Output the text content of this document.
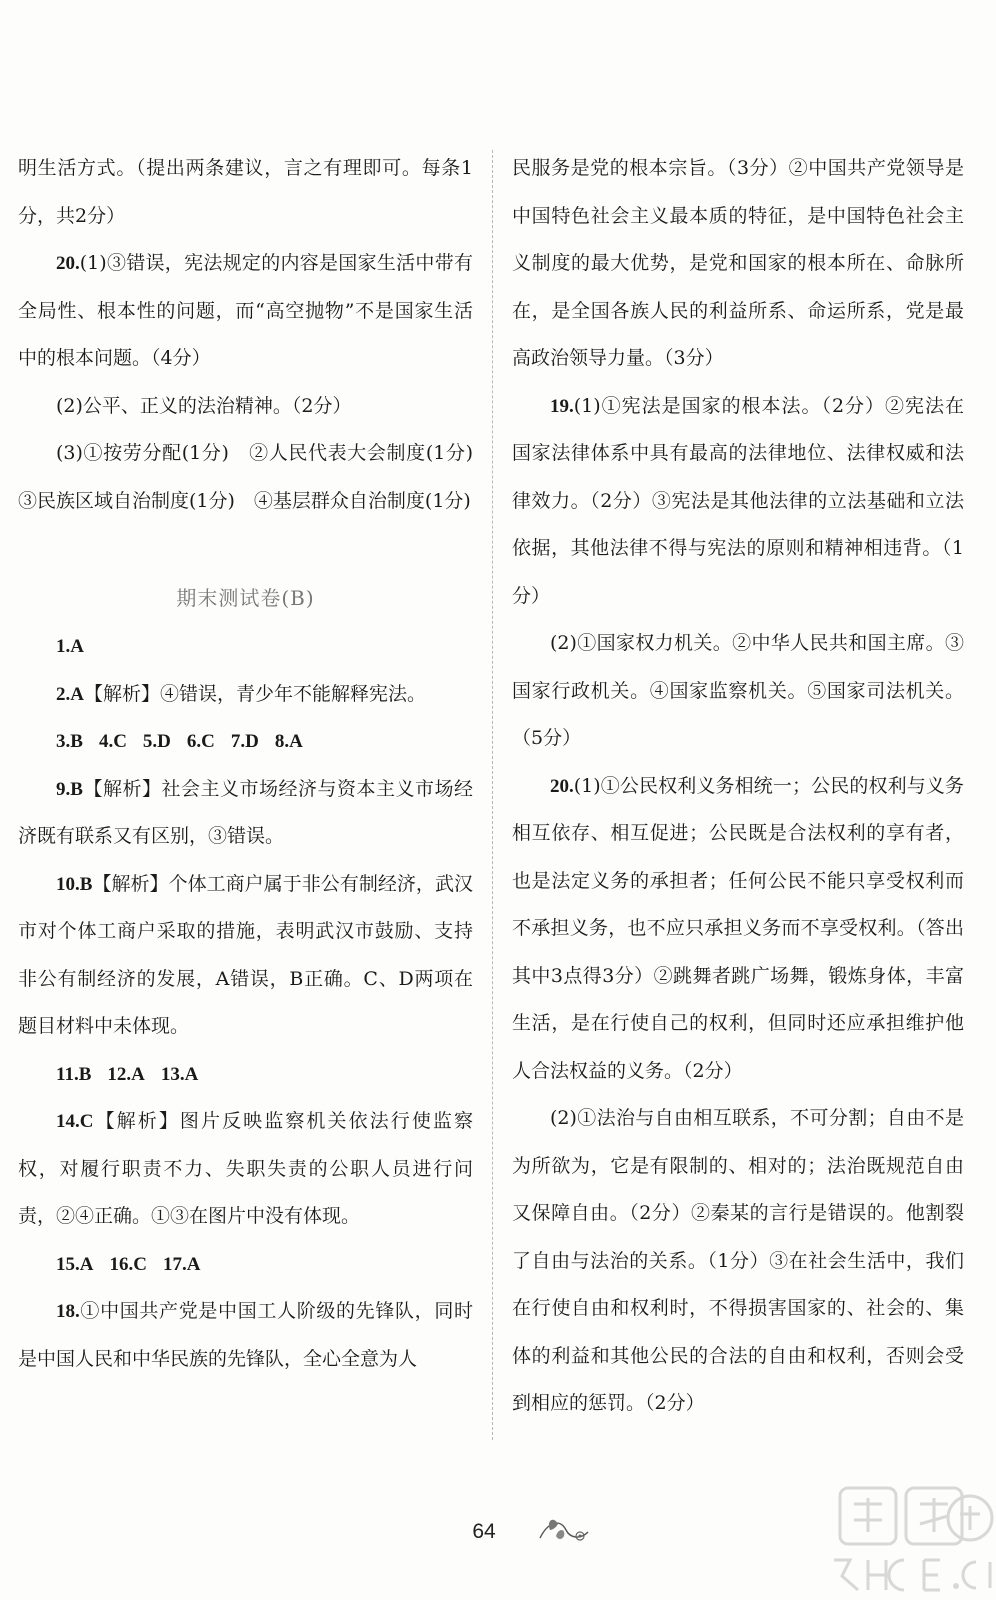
明生活方式。（提出两条建议，言之有理即可。每条1分，共2分）

20.(1)③错误，宪法规定的内容是国家生活中带有全局性、根本性的问题，而“高空抛物”不是国家生活中的根本问题。（4分）

(2)公平、正义的法治精神。（2分）

(3)①按劳分配(1分)　②人民代表大会制度(1分)　③民族区域自治制度(1分)　④基层群众自治制度(1分)

期末测试卷(B)

1.A

2.A【解析】④错误，青少年不能解释宪法。

3.B 4.C 5.D 6.C 7.D 8.A

9.B【解析】社会主义市场经济与资本主义市场经济既有联系又有区别，③错误。

10.B【解析】个体工商户属于非公有制经济，武汉市对个体工商户采取的措施，表明武汉市鼓励、支持非公有制经济的发展，A错误，B正确。C、D两项在题目材料中未体现。

11.B 12.A 13.A

14.C【解析】图片反映监察机关依法行使监察权，对履行职责不力、失职失责的公职人员进行问责，②④正确。①③在图片中没有体现。

15.A 16.C 17.A

18.①中国共产党是中国工人阶级的先锋队，同时是中国人民和中华民族的先锋队，全心全意为人

民服务是党的根本宗旨。（3分）②中国共产党领导是中国特色社会主义最本质的特征，是中国特色社会主义制度的最大优势，是党和国家的根本所在、命脉所在，是全国各族人民的利益所系、命运所系，党是最高政治领导力量。（3分）

19.(1)①宪法是国家的根本法。（2分）②宪法在国家法律体系中具有最高的法律地位、法律权威和法律效力。（2分）③宪法是其他法律的立法基础和立法依据，其他法律不得与宪法的原则和精神相违背。（1分）

(2)①国家权力机关。②中华人民共和国主席。③国家行政机关。④国家监察机关。⑤国家司法机关。（5分）

20.(1)①公民权利义务相统一；公民的权利与义务相互依存、相互促进；公民既是合法权利的享有者，也是法定义务的承担者；任何公民不能只享受权利而不承担义务，也不应只承担义务而不享受权利。（答出其中3点得3分）②跳舞者跳广场舞，锻炼身体，丰富生活，是在行使自己的权利，但同时还应承担维护他人合法权益的义务。（2分）

(2)①法治与自由相互联系，不可分割；自由不是为所欲为，它是有限制的、相对的；法治既规范自由又保障自由。（2分）②秦某的言行是错误的。他割裂了自由与法治的关系。（1分）③在社会生活中，我们在行使自由和权利时，不得损害国家的、社会的、集体的利益和其他公民的合法的自由和权利，否则会受到相应的惩罚。（2分）

64
